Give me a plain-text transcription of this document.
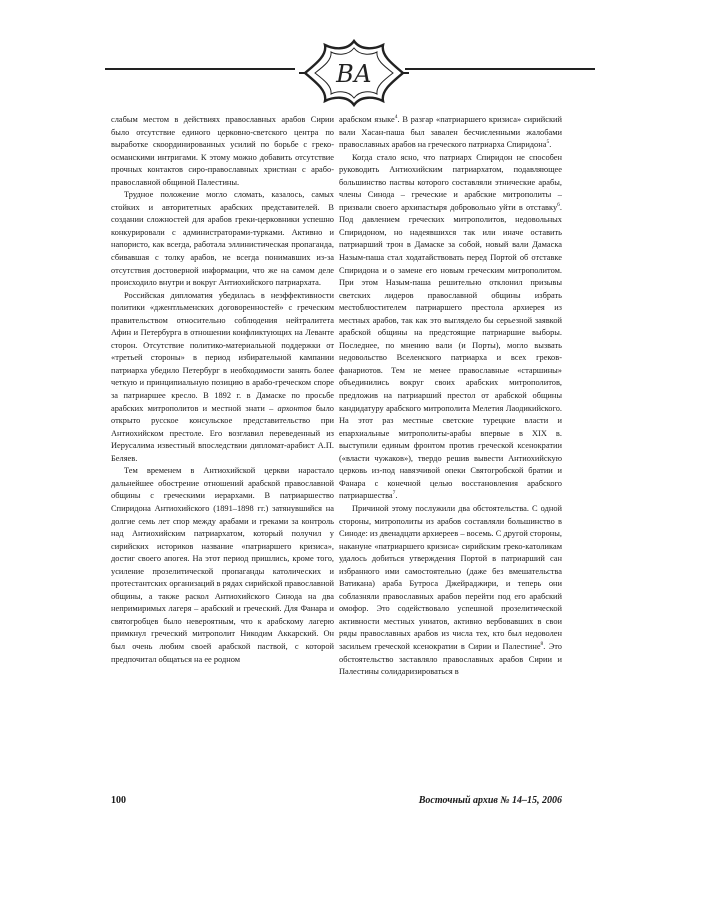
ВА

слабым местом в действиях православных арабов Сирии было отсутствие единого церковно-светского центра по выработке скоординированных усилий по борьбе с греко-османскими интригами. К этому можно добавить отсутствие прочных контактов сиро-православных христиан с арабо-православной общиной Палестины.

Трудное положение могло сломать, казалось, самых стойких и авторитетных арабских представителей. В создании сложностей для арабов греки-церковники успешно конкурировали с администраторами-турками. Активно и напористо, как всегда, работала эллинистическая пропаганда, сбивавшая с толку арабов, не всегда понимавших из-за отсутствия достоверной информации, что же на самом деле происходило внутри и вокруг Антиохийского патриархата.

Российская дипломатия убедилась в неэффективности политики «джентльменских договоренностей» с греческим правительством относительно соблюдения нейтралитета Афин и Петербурга в отношении конфликтующих на Леванте сторон. Отсутствие политико-материальной поддержки от «третьей стороны» в период избирательной кампании патриарха убедило Петербург в необходимости занять более четкую и принципиальную позицию в арабо-греческом споре за патриаршее кресло. В 1892 г. в Дамаске по просьбе арабских митрополитов и местной знати – архонтов было открыто русское консульское представительство при Антиохийском престоле. Его возглавил переведенный из Иерусалима известный впоследствии дипломат-арабист А.П. Беляев.

Тем временем в Антиохийской церкви нарастало дальнейшее обострение отношений арабской православной общины с греческими иерархами. В патриаршество Спиридона Антиохийского (1891–1898 гг.) затянувшийся на долгие семь лет спор между арабами и греками за контроль над Антиохийским патриархатом, который получил у сирийских историков название «патриаршего кризиса», достиг своего апогея. На этот период пришлись, кроме того, усиление прозелитической пропаганды католических и протестантских организаций в рядах сирийской православной общины, а также раскол Антиохийского Синода на два непримиримых лагеря – арабский и греческий. Для Фанара и святогробцев было невероятным, что к арабскому лагерю примкнул греческий митрополит Никодим Аккарский. Он был очень любим своей арабской паствой, с которой предпочитал общаться на ее родном

арабском языке$^4$. В разгар «патриаршего кризиса» сирийский вали Хасан-паша был завален бесчисленными жалобами православных арабов на греческого патриарха Спиридона$^5$.

Когда стало ясно, что патриарх Спиридон не способен руководить Антиохийским патриархатом, подавляющее большинство паствы которого составляли этнические арабы, члены Синода – греческие и арабские митрополиты – призвали своего архипастыря добровольно уйти в отставку$^6$. Под давлением греческих митрополитов, недовольных Спиридоном, но надеявшихся так или иначе оставить патриарший трон в Дамаске за собой, новый вали Дамаска Назым-паша стал ходатайствовать перед Портой об отставке Спиридона и о замене его новым греческим митрополитом. При этом Назым-паша решительно отклонил призывы светских лидеров православной общины избрать местоблюстителем патриаршего престола архиерея из местных арабов, так как это выглядело бы серьезной заявкой арабской общины на предстоящие патриаршие выборы. Последнее, по мнению вали (и Порты), могло вызвать недовольство Вселенского патриарха и всех греков-фанариотов. Тем не менее православные «старшины» объединились вокруг своих арабских митрополитов, предложив на патриарший престол от арабской общины кандидатуру арабского митрополита Мелетия Лаодикийского. На этот раз местные светские турецкие власти и епархиальные митрополиты-арабы впервые в XIX в. выступили единым фронтом против греческой ксенократии («власти чужаков»), твердо решив вывести Антиохийскую церковь из-под навязчивой опеки Святогробской братии и Фанара с конечной целью восстановления арабского патриаршества$^7$.

Причиной этому послужили два обстоятельства. С одной стороны, митрополиты из арабов составляли большинство в Синоде: из двенадцати архиереев – восемь. С другой стороны, накануне «патриаршего кризиса» сирийским греко-католикам удалось добиться утверждения Портой в патриарший сан избранного ими самостоятельно (даже без вмешательства Ватикана) араба Бутроса Джейраджири, и теперь они соблазняли православных арабов перейти под его арабский омофор. Это содействовало успешной прозелитической активности местных униатов, активно вербовавших в свои ряды православных арабов из числа тех, кто был недоволен засильем греческой ксенократии в Сирии и Палестине$^8$. Это обстоятельство заставляло православных арабов Сирии и Палестины солидаризироваться в

100	Восточный архив № 14–15, 2006
